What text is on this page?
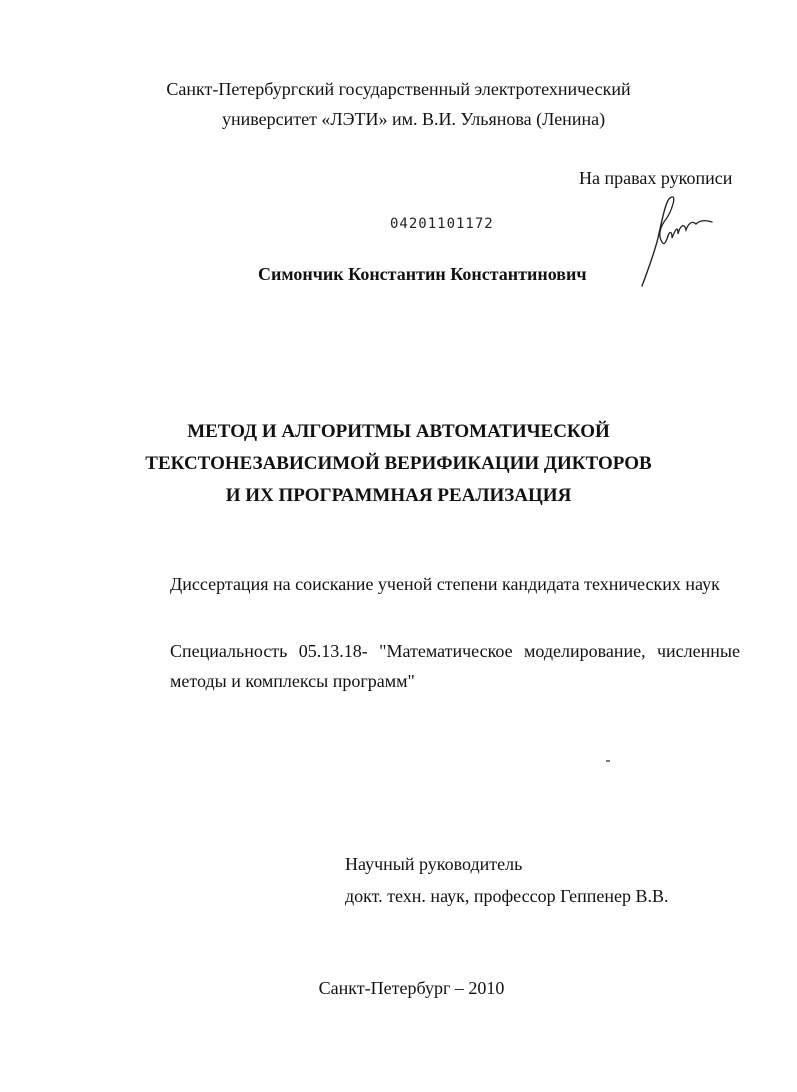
Санкт-Петербургский государственный электротехнический
университет «ЛЭТИ» им. В.И. Ульянова (Ленина)
На правах рукописи
04201101172
Симончик Константин Константинович
МЕТОД И АЛГОРИТМЫ АВТОМАТИЧЕСКОЙ
ТЕКСТОНЕЗАВИСИМОЙ ВЕРИФИКАЦИИ ДИКТОРОВ
И ИХ ПРОГРАММНАЯ РЕАЛИЗАЦИЯ
Диссертация на соискание ученой степени кандидата технических наук
Специальность 05.13.18- "Математическое моделирование, численные
методы и комплексы программ"
Научный руководитель
докт. техн. наук, профессор Геппенер В.В.
Санкт-Петербург – 2010
